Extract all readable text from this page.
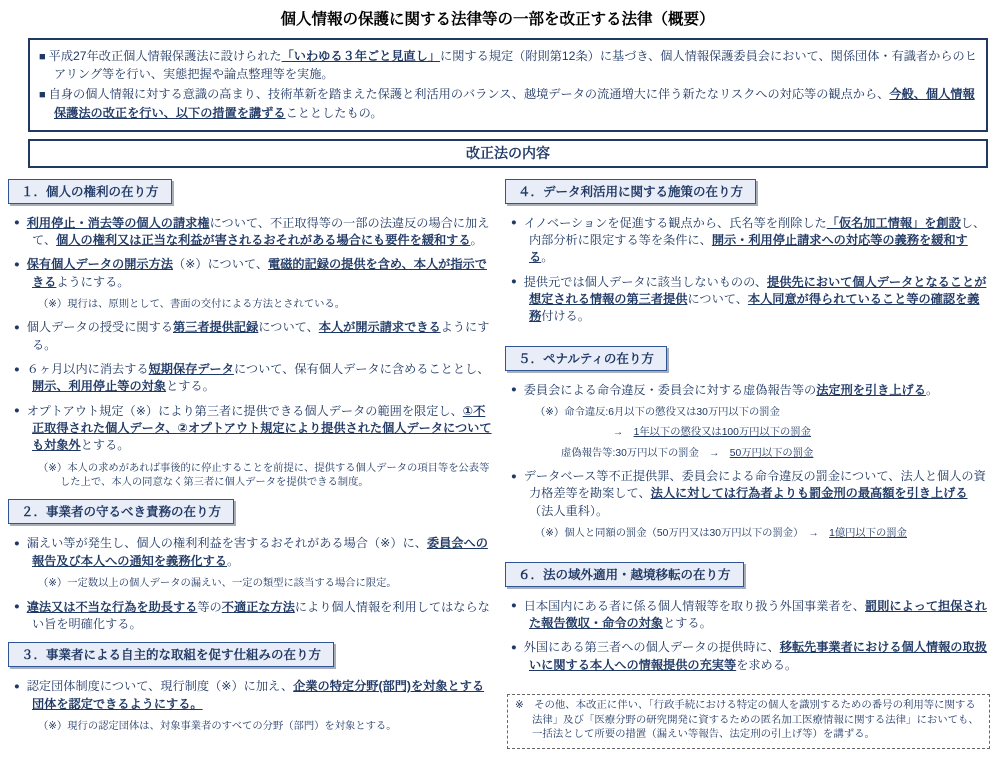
個人情報の保護に関する法律等の一部を改正する法律（概要）
■ 平成27年改正個人情報保護法に設けられた「いわゆる３年ごと見直し」に関する規定（附則第12条）に基づき、個人情報保護委員会において、関係団体・有識者からのヒアリング等を行い、実態把握や論点整理等を実施。
■ 自身の個人情報に対する意識の高まり、技術革新を踏まえた保護と利活用のバランス、越境データの流通増大に伴う新たなリスクへの対応等の観点から、今般、個人情報保護法の改正を行い、以下の措置を講ずることとしたもの。
改正法の内容
１．個人の権利の在り方
● 利用停止・消去等の個人の請求権について、不正取得等の一部の法違反の場合に加えて、個人の権利又は正当な利益が害されるおそれがある場合にも要件を緩和する。
● 保有個人データの開示方法（※）について、電磁的記録の提供を含め、本人が指示できるようにする。
（※）現行は、原則として、書面の交付による方法とされている。
● 個人データの授受に関する第三者提供記録について、本人が開示請求できるようにする。
● ６ヶ月以内に消去する短期保存データについて、保有個人データに含めることとし、開示、利用停止等の対象とする。
● オプトアウト規定（※）により第三者に提供できる個人データの範囲を限定し、①不正取得された個人データ、②オプトアウト規定により提供された個人データについても対象外とする。
（※）本人の求めがあれば事後的に停止することを前提に、提供する個人データの項目等を公表等した上で、本人の同意なく第三者に個人データを提供できる制度。
２．事業者の守るべき責務の在り方
● 漏えい等が発生し、個人の権利利益を害するおそれがある場合（※）に、委員会への報告及び本人への通知を義務化する。
（※）一定数以上の個人データの漏えい、一定の類型に該当する場合に限定。
● 違法又は不当な行為を助長する等の不適正な方法により個人情報を利用してはならない旨を明確化する。
３．事業者による自主的な取組を促す仕組みの在り方
● 認定団体制度について、現行制度（※）に加え、企業の特定分野(部門)を対象とする団体を認定できるようにする。
（※）現行の認定団体は、対象事業者のすべての分野（部門）を対象とする。
４．データ利活用に関する施策の在り方
● イノベーションを促進する観点から、氏名等を削除した「仮名加工情報」を創設し、内部分析に限定する等を条件に、開示・利用停止請求への対応等の義務を緩和する。
● 提供元では個人データに該当しないものの、提供先において個人データとなることが想定される情報の第三者提供について、本人同意が得られていること等の確認を義務付ける。
５．ペナルティの在り方
● 委員会による命令違反・委員会に対する虚偽報告等の法定刑を引き上げる。
（※）命令違反:6月以下の懲役又は30万円以下の罰金
→　1年以下の懲役又は100万円以下の罰金
虚偽報告等:30万円以下の罰金　→　50万円以下の罰金
● データベース等不正提供罪、委員会による命令違反の罰金について、法人と個人の資力格差等を勘案して、法人に対しては行為者よりも罰金刑の最高額を引き上げる（法人重科）。
（※）個人と同額の罰金（50万円又は30万円以下の罰金）　→　1億円以下の罰金
６．法の域外適用・越境移転の在り方
● 日本国内にある者に係る個人情報等を取り扱う外国事業者を、罰則によって担保された報告徴収・命令の対象とする。
● 外国にある第三者への個人データの提供時に、移転先事業者における個人情報の取扱いに関する本人への情報提供の充実等を求める。
※　その他、本改正に伴い、「行政手続における特定の個人を識別するための番号の利用等に関する法律」及び「医療分野の研究開発に資するための匿名加工医療情報に関する法律」においても、一括法として所要の措置（漏えい等報告、法定刑の引上げ等）を講ずる。
